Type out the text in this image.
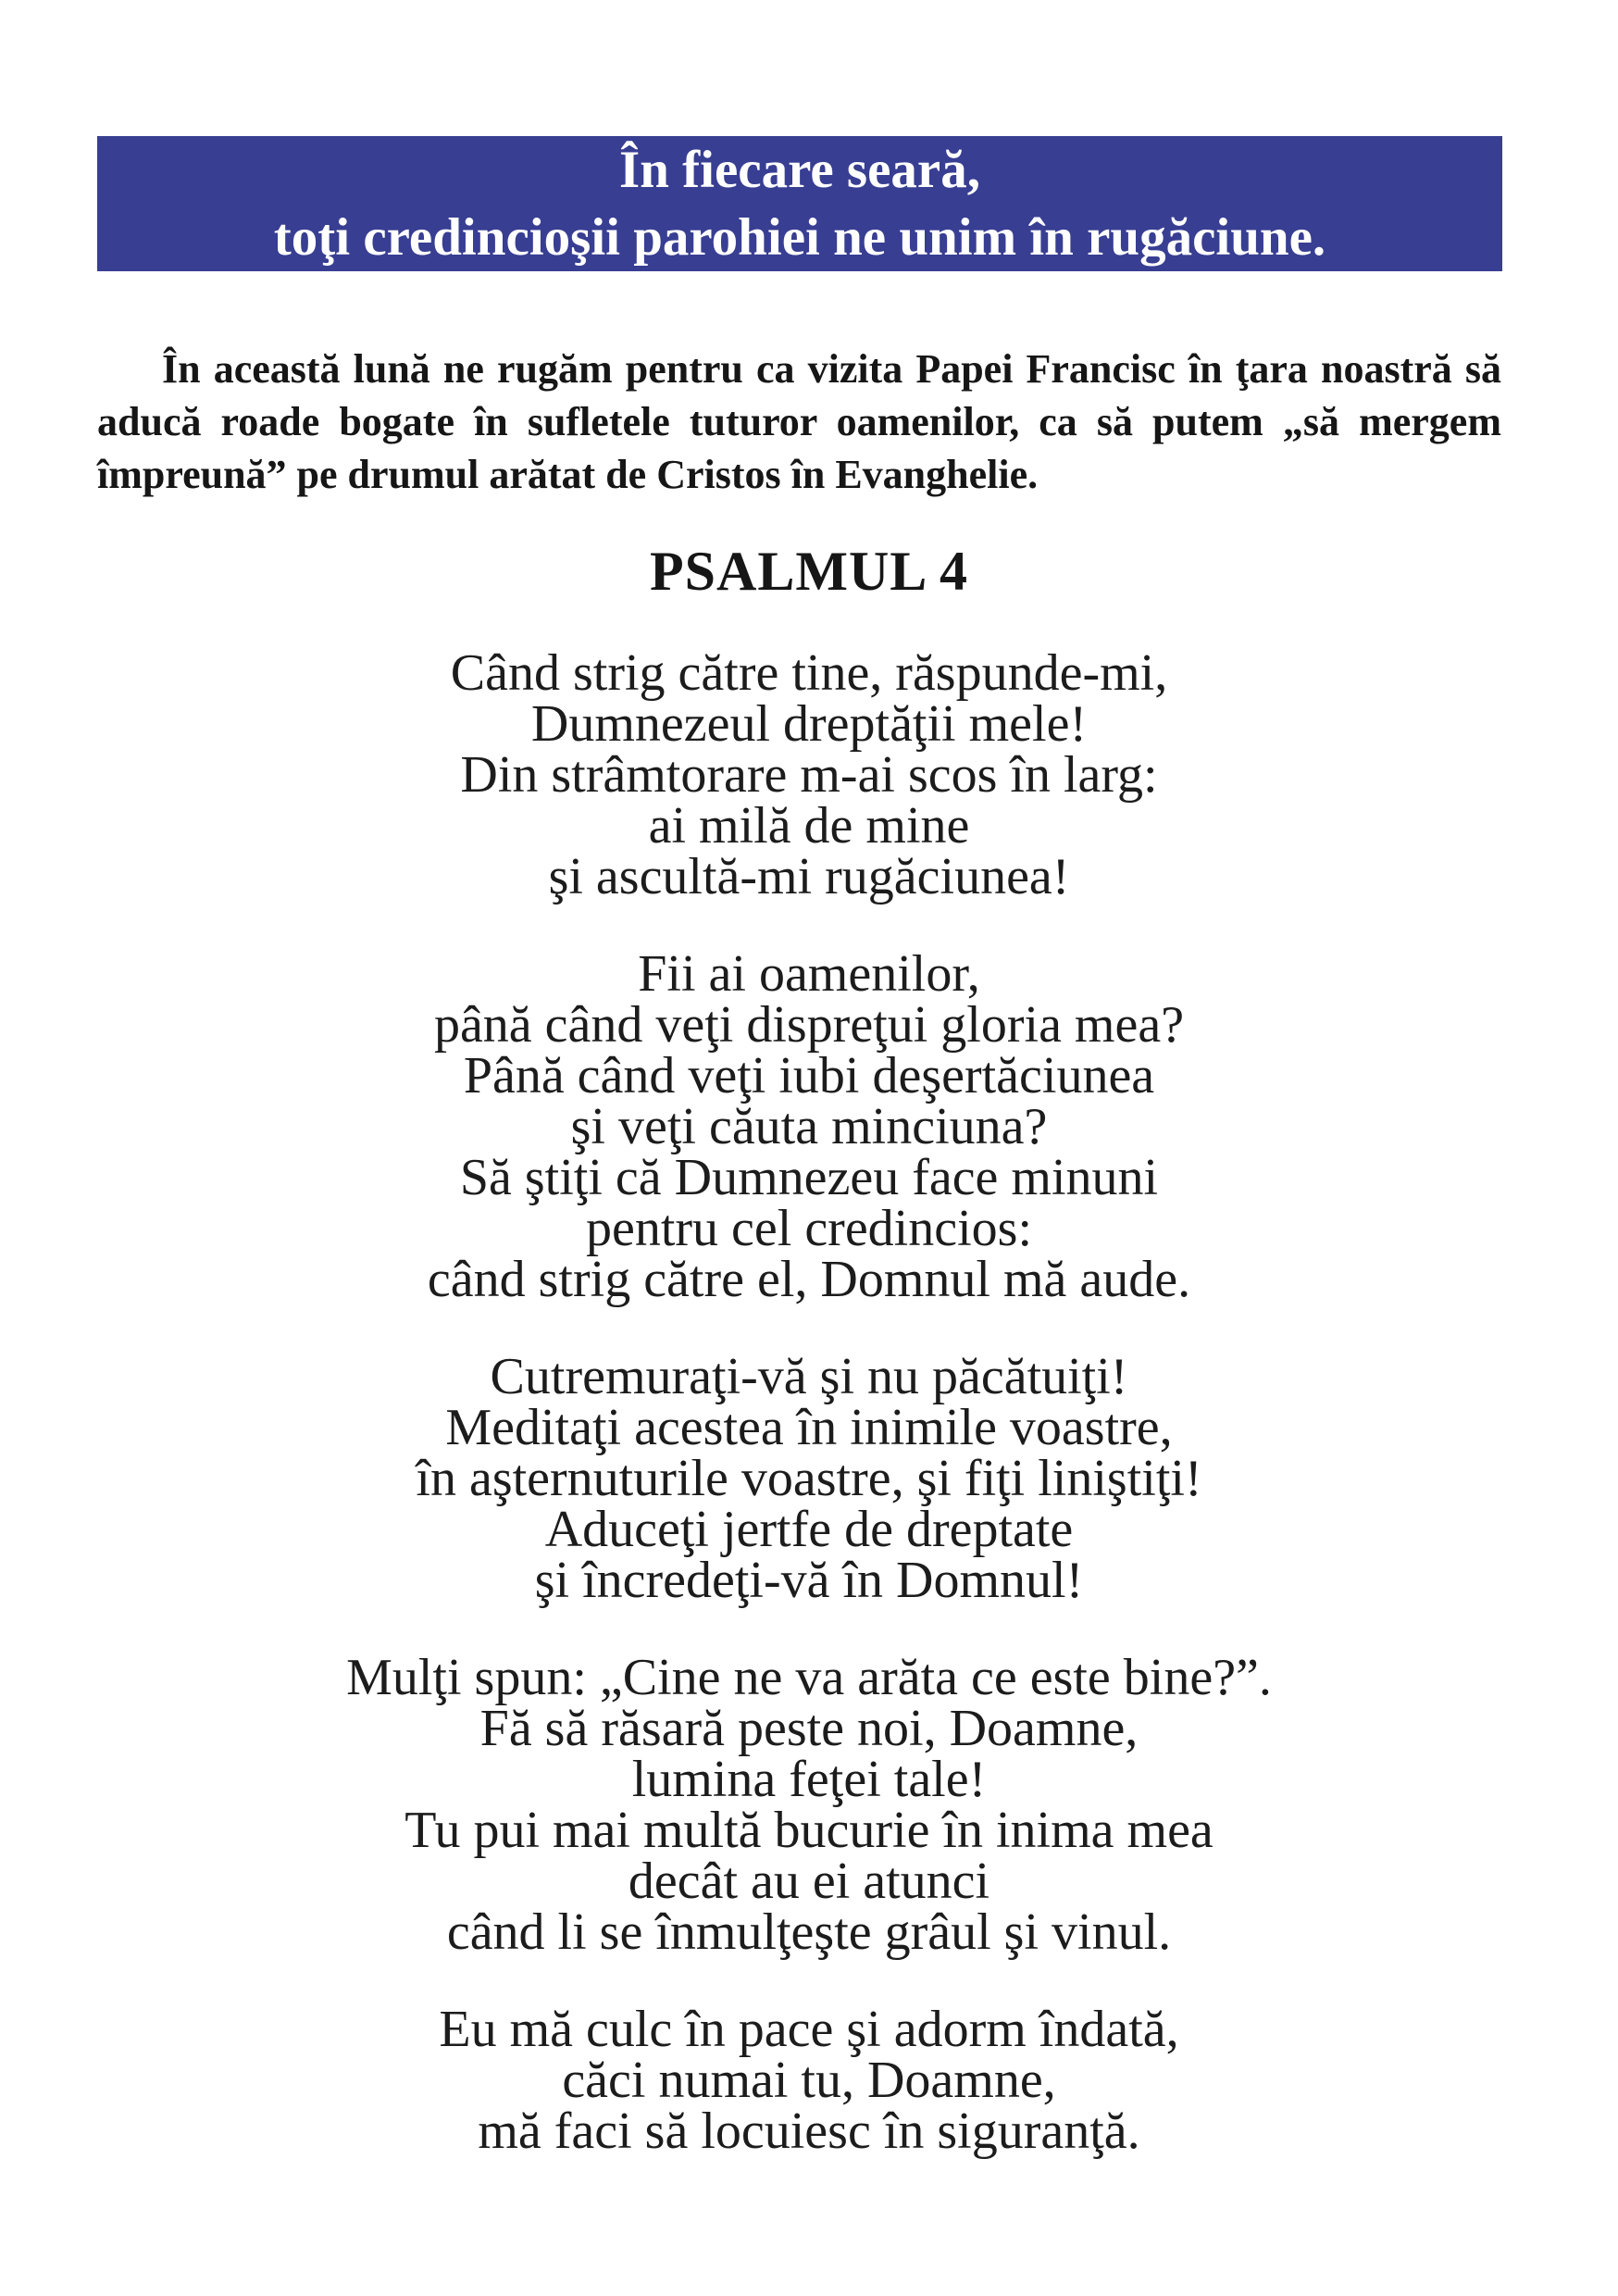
În fiecare seară,
toţi credincioşii parohiei ne unim în rugăciune.

În această lună ne rugăm pentru ca vizita Papei Francisc în ţara noastră să aducă roade bogate în sufletele tuturor oamenilor, ca să putem „să mergem împreună” pe drumul arătat de Cristos în Evanghelie.

PSALMUL 4
Când strig către tine, răspunde-mi,
Dumnezeul dreptăţii mele!
Din strâmtorare m-ai scos în larg:
ai milă de mine
şi ascultă-mi rugăciunea!
Fii ai oamenilor,
până când veţi dispreţui gloria mea?
Până când veţi iubi deşertăciunea
şi veţi căuta minciuna?
Să ştiţi că Dumnezeu face minuni
pentru cel credincios:
când strig către el, Domnul mă aude.
Cutremuraţi-vă şi nu păcătuiţi!
Meditaţi acestea în inimile voastre,
în aşternuturile voastre, şi fiţi liniştiţi!
Aduceţi jertfe de dreptate
şi încredeţi-vă în Domnul!
Mulţi spun: „Cine ne va arăta ce este bine?”.
Fă să răsară peste noi, Doamne,
lumina feţei tale!
Tu pui mai multă bucurie în inima mea
decât au ei atunci
când li se înmulţeşte grâul şi vinul.
Eu mă culc în pace şi adorm îndată,
căci numai tu, Doamne,
mă faci să locuiesc în siguranţă.
